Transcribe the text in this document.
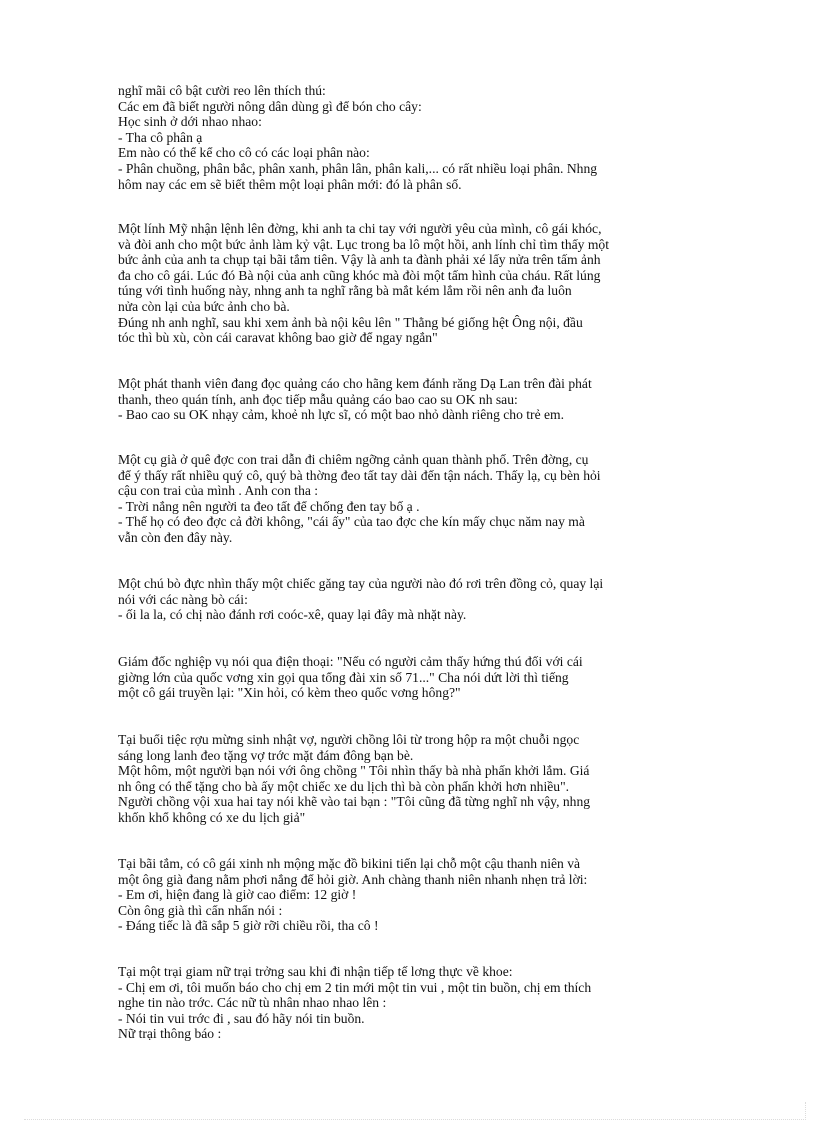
nghĩ mãi cô bật cười reo lên thích thú:
Các em đã biết người nông dân dùng gì để bón cho cây:
Học sinh ở dới nhao nhao:
- Tha cô phân ạ
Em nào có thể kể cho cô có các loại phân nào:
- Phân chuồng, phân bắc, phân xanh, phân lân, phân kali,... có rất nhiều loại phân. Nhng
hôm nay các em sẽ biết thêm một loại phân mới: đó là phân số.
Một lính Mỹ nhận lệnh lên đờng, khi anh ta chi tay với người yêu của mình, cô gái khóc,
và đòi anh cho một bức ảnh làm kỷ vật. Lục trong ba lô một hồi, anh lính chỉ tìm thấy một
bức ảnh của anh ta chụp tại bãi tắm tiên. Vậy là anh ta đành phải xé lấy nửa trên tấm ảnh
đa cho cô gái. Lúc đó Bà nội của anh cũng khóc mà đòi một tấm hình của cháu. Rất lúng
túng với tình huống này, nhng anh ta nghĩ rằng bà mắt kém lắm rồi nên anh đa luôn
nửa còn lại của bức ảnh cho bà.
Đúng nh anh nghĩ, sau khi xem ảnh bà nội kêu lên " Thằng bé giống hệt Ông nội, đầu
tóc thì bù xù, còn cái caravat không bao giờ để ngay ngắn"
Một phát thanh viên đang đọc quảng cáo cho hãng kem đánh răng Dạ Lan trên đài phát
thanh, theo quán tính, anh đọc tiếp mẫu quảng cáo bao cao su OK nh sau:
- Bao cao su OK nhạy cảm, khoẻ nh lực sĩ, có một bao nhỏ dành riêng cho trẻ em.
Một cụ già ở quê đợc con trai dẫn đi chiêm ngỡng cảnh quan thành phố. Trên đờng, cụ
để ý thấy rất nhiều quý cô, quý bà thờng đeo tất tay dài đến tận nách. Thấy lạ, cụ bèn hỏi
cậu con trai của mình . Anh con tha :
- Trời nắng nên người ta đeo tất để chống đen tay bố ạ .
- Thế họ có đeo đợc cả đời không, "cái ấy" của tao đợc che kín mấy chục năm nay mà
vẫn còn đen đây này.
Một chú bò đực nhìn thấy một chiếc găng tay của người nào đó rơi trên đồng cỏ, quay lại
nói với các nàng bò cái:
- ối la la, có chị nào đánh rơi coóc-xê, quay lại đây mà nhặt này.
Giám đốc nghiệp vụ nói qua điện thoại: "Nếu có người cảm thấy hứng thú đối với cái
giờng lớn của quốc vơng xin gọi qua tổng đài xin số 71..." Cha nói dứt lời thì tiếng
một cô gái truyền lại: "Xin hỏi, có kèm theo quốc vơng hông?"
Tại buổi tiệc rợu mừng sinh nhật vợ, người chồng lôi từ trong hộp ra một chuỗi ngọc
sáng long lanh đeo tặng vợ trớc mặt đám đông bạn bè.
Một hôm, một người bạn nói với ông chồng " Tôi nhìn thấy bà nhà phấn khởi lắm. Giá
nh ông có thể tặng cho bà ấy một chiếc xe du lịch thì bà còn phấn khởi hơn nhiều".
Người chồng vội xua hai tay nói khẽ vào tai bạn : "Tôi cũng đã từng nghĩ nh vậy, nhng
khốn khổ không có xe du lịch giả"
Tại bãi tắm, có cô gái xinh nh mộng mặc đồ bikini tiến lại chỗ một cậu thanh niên và
một ông già đang nằm phơi nắng để hỏi giờ. Anh chàng thanh niên nhanh nhẹn trả lời:
- Em ơi, hiện đang là giờ cao điểm: 12 giờ !
Còn ông già thì cẩn nhẩn nói :
- Đáng tiếc là đã sắp 5 giờ rỡi chiều rồi, tha cô !
Tại một trại giam nữ trại trởng sau khi đi nhận tiếp tế lơng thực về khoe:
- Chị em ơi, tôi muốn báo cho chị em 2 tin mới một tin vui , một tin buồn, chị em thích
nghe tin nào trớc. Các nữ tù nhân nhao nhao lên :
- Nói tin vui trớc đi , sau đó hãy nói tin buồn.
Nữ trại thông báo :
